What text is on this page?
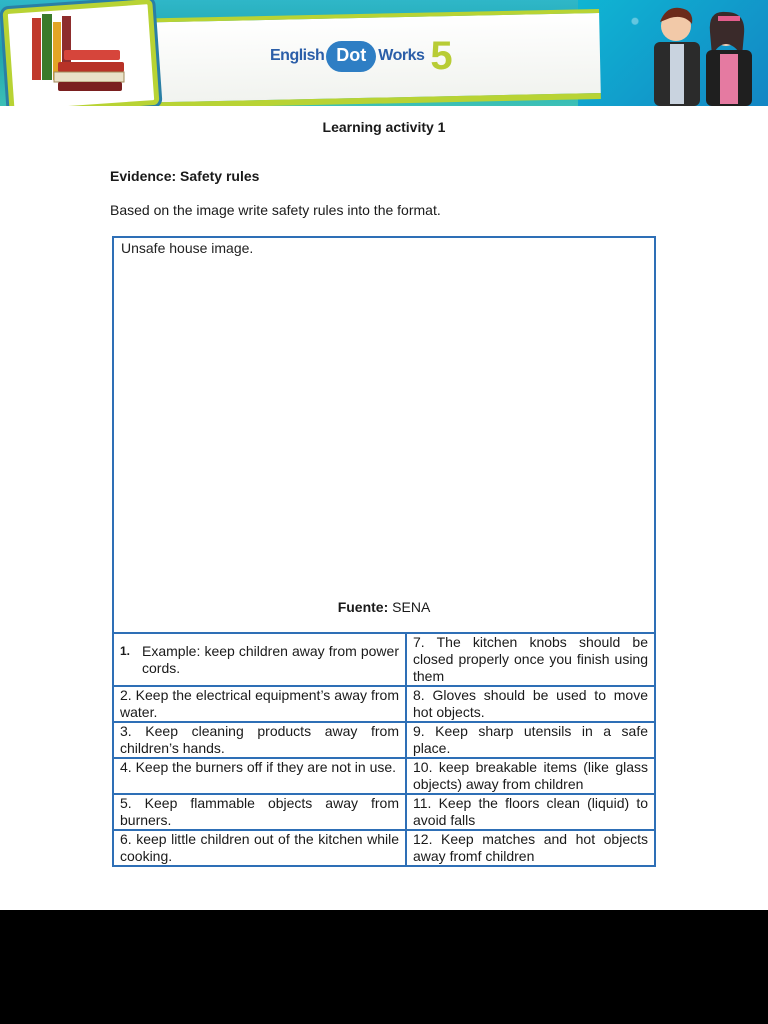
English Dot Works 5
Learning activity 1
Evidence: Safety rules
Based on the image write safety rules into the format.
Unsafe house image.
Fuente: SENA
1. Example: keep children away from power cords.	7. The kitchen knobs should be closed properly once you finish using them
2. Keep the electrical equipment’s away from water.	8. Gloves should be used to move hot objects.
3. Keep cleaning products away from children’s hands.	9. Keep sharp utensils in a safe place.
4. Keep the burners off if they are not in use.	10. keep breakable items (like glass objects) away from children
5. Keep flammable objects away from burners.	11. Keep the floors clean (liquid) to avoid falls
6. keep little children out of the kitchen while cooking.	12. Keep matches and hot objects away fromf children
